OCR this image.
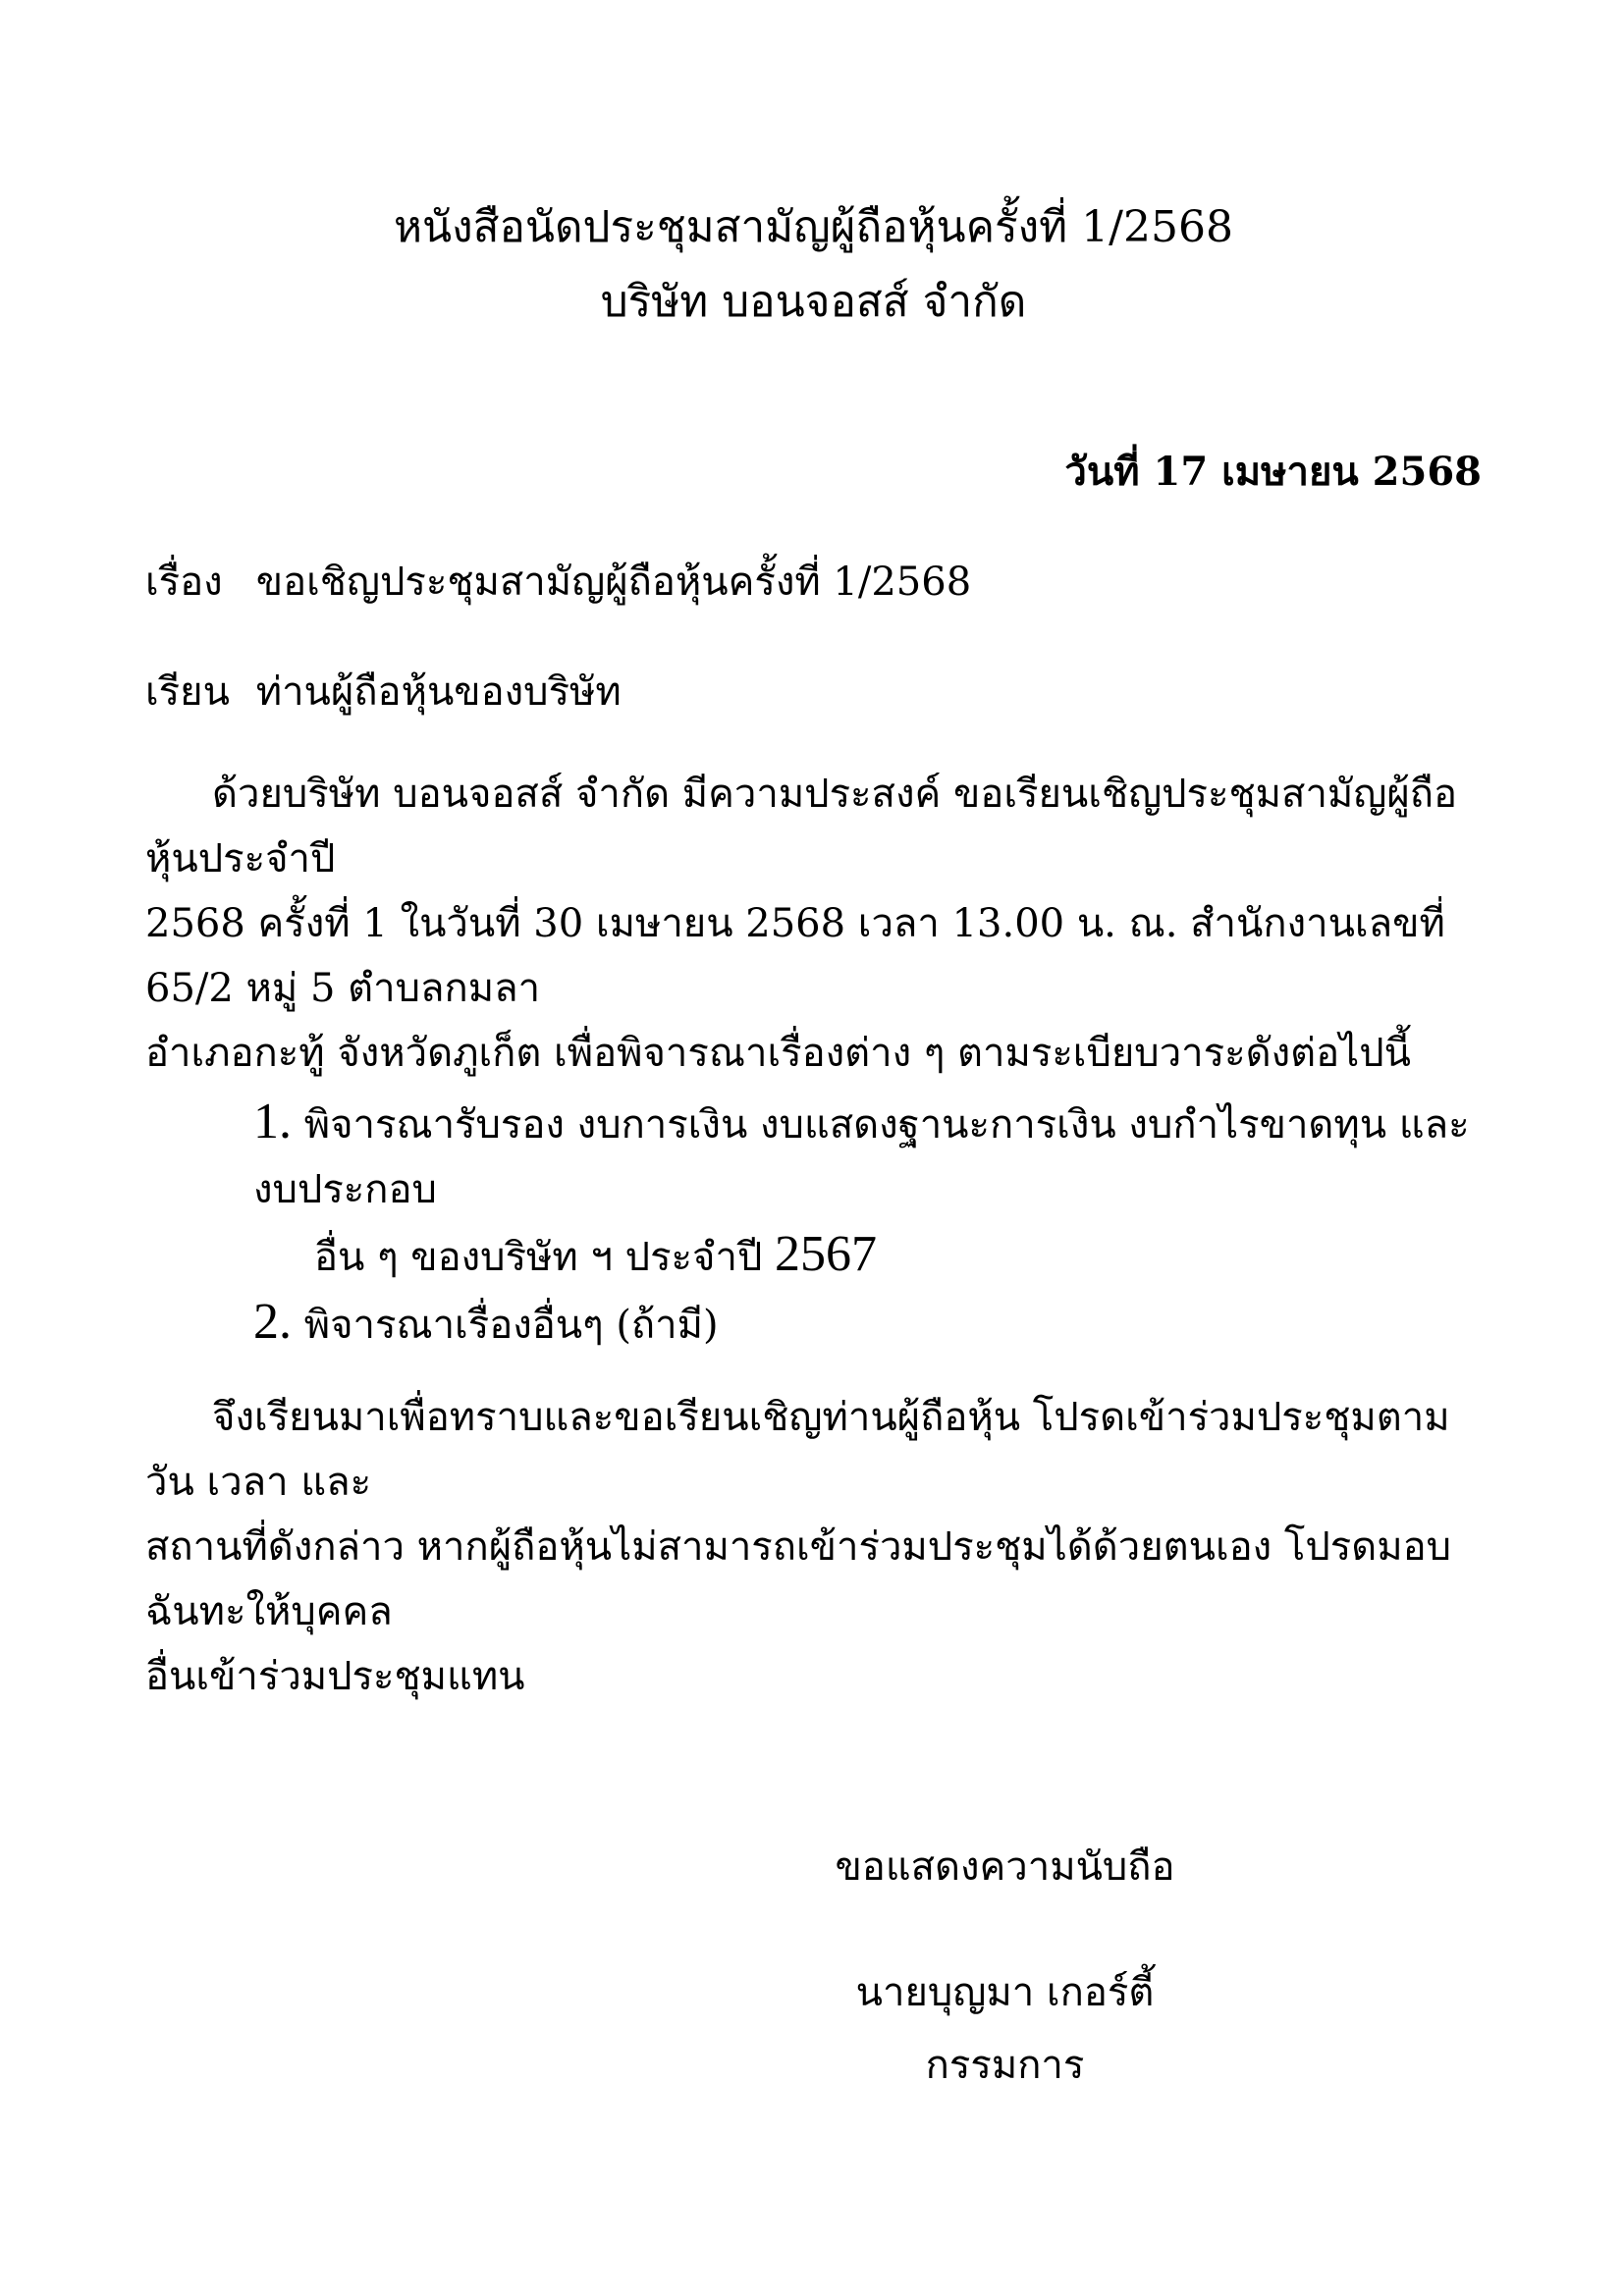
หนังสือนัดประชุมสามัญผู้ถือหุ้นครั้งที่ 1/2568
บริษัท บอนจอสส์ จำกัด
วันที่ 17 เมษายน 2568
เรื่อง ขอเชิญประชุมสามัญผู้ถือหุ้นครั้งที่ 1/2568
เรียน ท่านผู้ถือหุ้นของบริษัท
ด้วยบริษัท บอนจอสส์ จำกัด มีความประสงค์ ขอเรียนเชิญประชุมสามัญผู้ถือหุ้นประจำปี
2568 ครั้งที่ 1 ในวันที่ 30 เมษายน 2568 เวลา 13.00 น. ณ. สำนักงานเลขที่ 65/2 หมู่ 5 ตำบลกมลา
อำเภอกะทู้ จังหวัดภูเก็ต เพื่อพิจารณาเรื่องต่าง ๆ ตามระเบียบวาระดังต่อไปนี้
1. พิจารณารับรอง งบการเงิน งบแสดงฐานะการเงิน งบกำไรขาดทุน และงบประกอบ
อื่น ๆ ของบริษัท ฯ ประจำปี 2567
2. พิจารณาเรื่องอื่นๆ (ถ้ามี)
จึงเรียนมาเพื่อทราบและขอเรียนเชิญท่านผู้ถือหุ้น โปรดเข้าร่วมประชุมตาม วัน เวลา และ
สถานที่ดังกล่าว หากผู้ถือหุ้นไม่สามารถเข้าร่วมประชุมได้ด้วยตนเอง โปรดมอบฉันทะให้บุคคล
อื่นเข้าร่วมประชุมแทน
ขอแสดงความนับถือ
นายบุญมา เกอร์ตี้
กรรมการ
